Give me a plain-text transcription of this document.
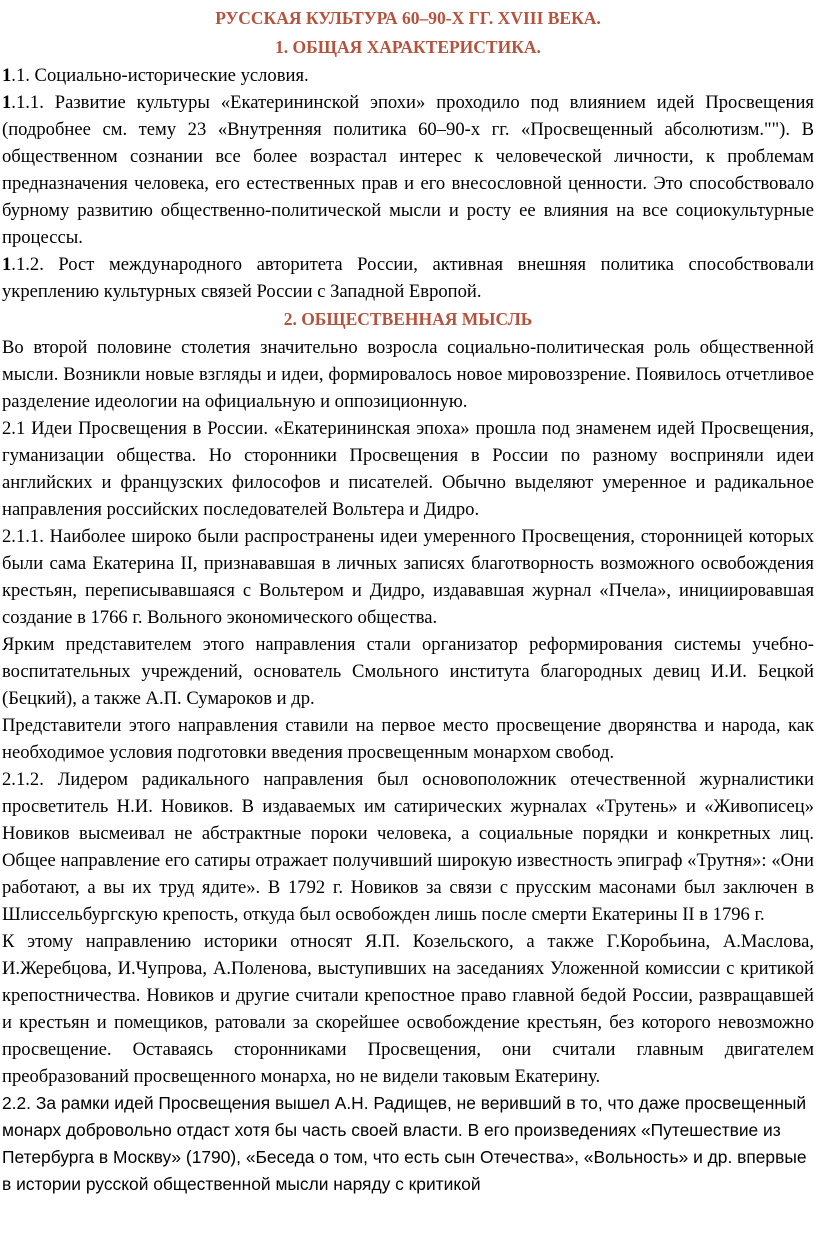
РУССКАЯ КУЛЬТУРА 60–90-Х ГГ. XVIII ВЕКА.
1. ОБЩАЯ ХАРАКТЕРИСТИКА.

1.1. Социально-исторические условия.

1.1.1. Развитие культуры «Екатерининской эпохи» проходило под влиянием идей Просвещения (подробнее см. тему 23 «Внутренняя политика 60–90-х гг. «Просвещенный абсолютизм.""). В общественном сознании все более возрастал интерес к человеческой личности, к проблемам предназначения человека, его естественных прав и его внесословной ценности. Это способствовало бурному развитию общественно-политической мысли и росту ее влияния на все социокультурные процессы.

1.1.2. Рост международного авторитета России, активная внешняя политика способствовали укреплению культурных связей России с Западной Европой.

2. ОБЩЕСТВЕННАЯ МЫСЛЬ

Во второй половине столетия значительно возросла социально-политическая роль общественной мысли. Возникли новые взгляды и идеи, формировалось новое мировоззрение. Появилось отчетливое разделение идеологии на официальную и оппозиционную.

2.1 Идеи Просвещения в России. «Екатерининская эпоха» прошла под знаменем идей Просвещения, гуманизации общества. Но сторонники Просвещения в России по разному восприняли идеи английских и французских философов и писателей. Обычно выделяют умеренное и радикальное направления российских последователей Вольтера и Дидро.

2.1.1. Наиболее широко были распространены идеи умеренного Просвещения, сторонницей которых были сама Екатерина II, признававшая в личных записях благотворность возможного освобождения крестьян, переписывавшаяся с Вольтером и Дидро, издававшая журнал «Пчела», инициировавшая создание в 1766 г. Вольного экономического общества.

Ярким представителем этого направления стали организатор реформирования системы учебно-воспитательных учреждений, основатель Смольного института благородных девиц И.И. Бецкой (Бецкий), а также А.П. Сумароков и др.

Представители этого направления ставили на первое место просвещение дворянства и народа, как необходимое условия подготовки введения просвещенным монархом свобод.

2.1.2. Лидером радикального направления был основоположник отечественной журналистики просветитель Н.И. Новиков. В издаваемых им сатирических журналах «Трутень» и «Живописец» Новиков высмеивал не абстрактные пороки человека, а социальные порядки и конкретных лиц. Общее направление его сатиры отражает получивший широкую известность эпиграф «Трутня»: «Они работают, а вы их труд ядите». В 1792 г. Новиков за связи с прусским масонами был заключен в Шлиссельбургскую крепость, откуда был освобожден лишь после смерти Екатерины II в 1796 г.

К этому направлению историки относят Я.П. Козельского, а также Г.Коробьина, А.Маслова, И.Жеребцова, И.Чупрова, А.Поленова, выступивших на заседаниях Уложенной комиссии с критикой крепостничества. Новиков и другие считали крепостное право главной бедой России, развращавшей и крестьян и помещиков, ратовали за скорейшее освобождение крестьян, без которого невозможно просвещение. Оставаясь сторонниками Просвещения, они считали главным двигателем преобразований просвещенного монарха, но не видели таковым Екатерину.

2.2. За рамки идей Просвещения вышел А.Н. Радищев, не веривший в то, что даже просвещенный монарх добровольно отдаст хотя бы часть своей власти. В его произведениях «Путешествие из Петербурга в Москву» (1790), «Беседа о том, что есть сын Отечества», «Вольность» и др. впервые в истории русской общественной мысли наряду с критикой
